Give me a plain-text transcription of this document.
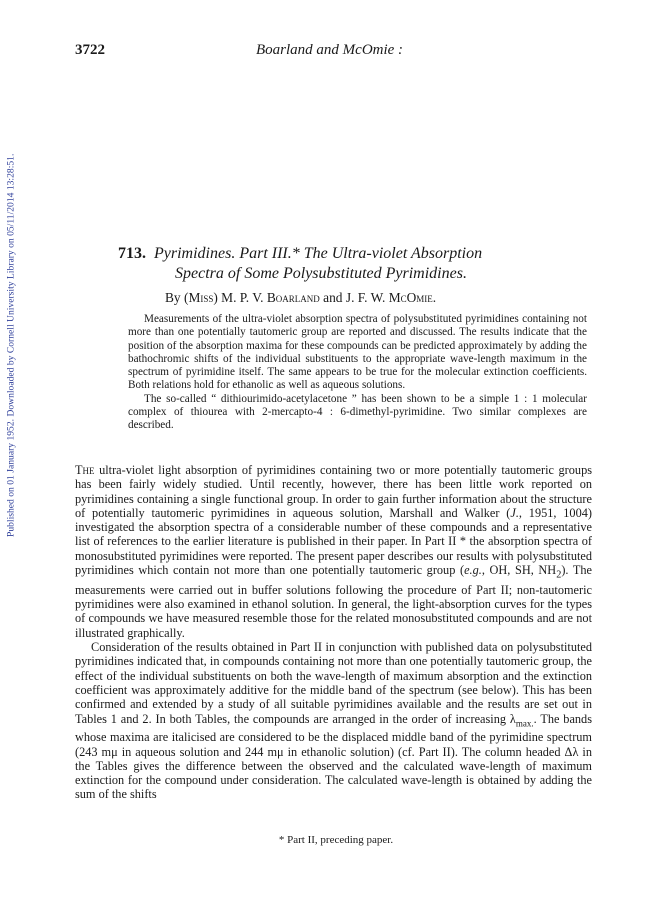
Published on 01 January 1952. Downloaded by Cornell University Library on 05/11/2014 13:28:51.
3722	Boarland and McOmie :
713. Pyrimidines. Part III.* The Ultra-violet Absorption
Spectra of Some Polysubstituted Pyrimidines.
By (Miss) M. P. V. Boarland and J. F. W. McOmie.

Measurements of the ultra-violet absorption spectra of polysubstituted pyrimidines containing not more than one potentially tautomeric group are reported and discussed. The results indicate that the position of the absorption maxima for these compounds can be predicted approximately by adding the bathochromic shifts of the individual substituents to the appropriate wave-length maximum in the spectrum of pyrimidine itself. The same appears to be true for the molecular extinction coefficients. Both relations hold for ethanolic as well as aqueous solutions.

The so-called “ dithiourimido-acetylacetone ” has been shown to be a simple 1 : 1 molecular complex of thiourea with 2-mercapto-4 : 6-dimethyl-pyrimidine. Two similar complexes are described.

The ultra-violet light absorption of pyrimidines containing two or more potentially tautomeric groups has been fairly widely studied. Until recently, however, there has been little work reported on pyrimidines containing a single functional group. In order to gain further information about the structure of potentially tautomeric pyrimidines in aqueous solution, Marshall and Walker (J., 1951, 1004) investigated the absorption spectra of a considerable number of these compounds and a representative list of references to the earlier literature is published in their paper. In Part II * the absorption spectra of monosubstituted pyrimidines were reported. The present paper describes our results with polysubstituted pyrimidines which contain not more than one potentially tautomeric group (e.g., OH, SH, $NH_2$). The measurements were carried out in buffer solutions following the procedure of Part II; non-tautomeric pyrimidines were also examined in ethanol solution. In general, the light-absorption curves for the types of compounds we have measured resemble those for the related monosubstituted compounds and are not illustrated graphically.

Consideration of the results obtained in Part II in conjunction with published data on polysubstituted pyrimidines indicated that, in compounds containing not more than one potentially tautomeric group, the effect of the individual substituents on both the wave-length of maximum absorption and the extinction coefficient was approximately additive for the middle band of the spectrum (see below). This has been confirmed and extended by a study of all suitable pyrimidines available and the results are set out in Tables 1 and 2. In both Tables, the compounds are arranged in the order of increasing $\lambda_{max.}$. The bands whose maxima are italicised are considered to be the displaced middle band of the pyrimidine spectrum (243 mμ in aqueous solution and 244 mμ in ethanolic solution) (cf. Part II). The column headed Δλ in the Tables gives the difference between the observed and the calculated wave-length of maximum extinction for the compound under consideration. The calculated wave-length is obtained by adding the sum of the shifts

* Part II, preceding paper.
